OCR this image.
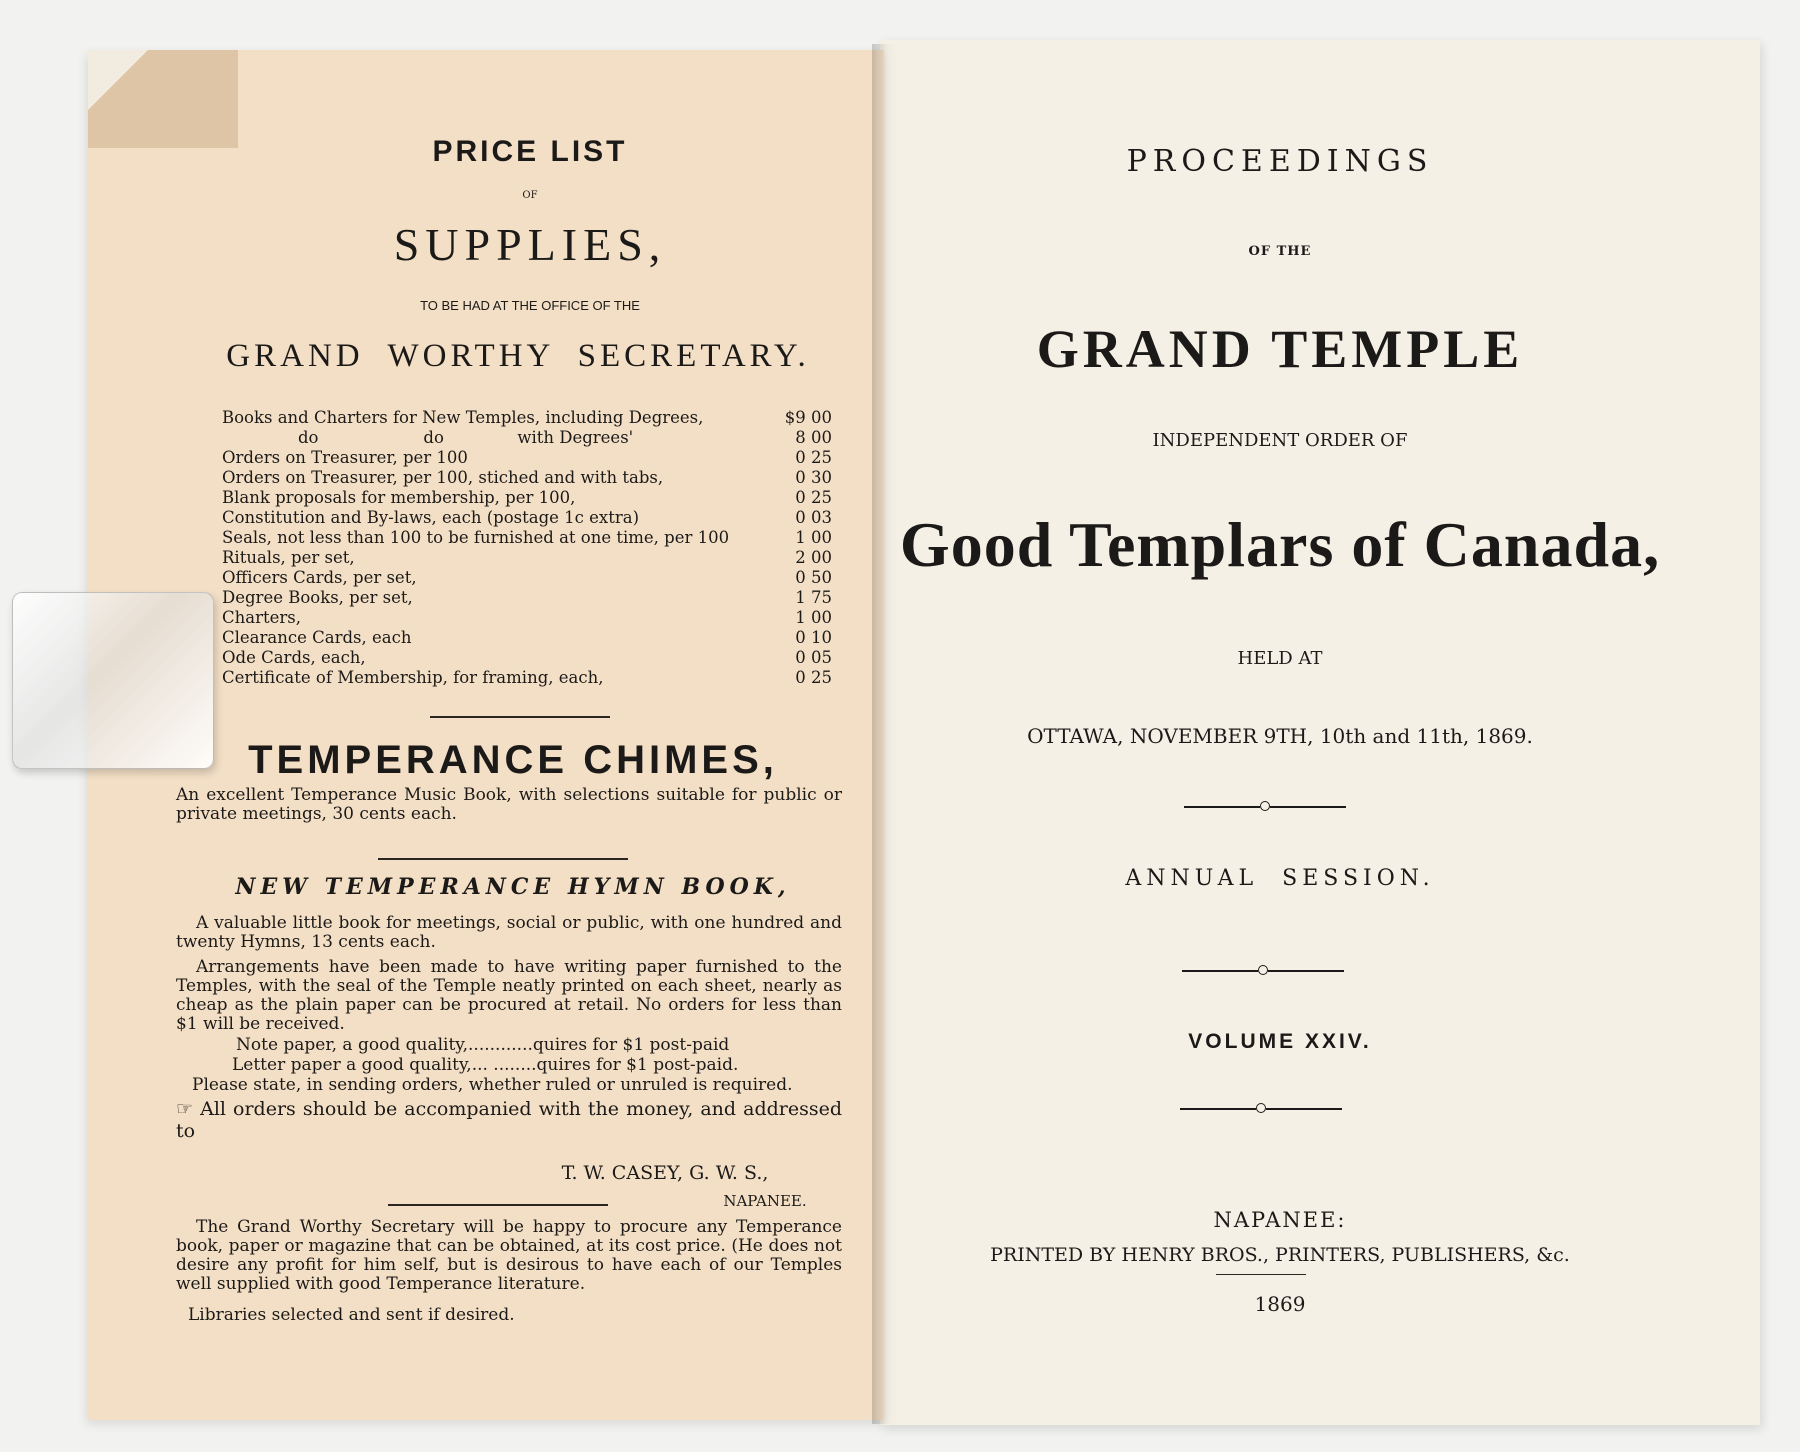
PRICE LIST
OF
SUPPLIES,
TO BE HAD AT THE OFFICE OF THE
GRAND  WORTHY  SECRETARY.
Books and Charters for New Temples, including Degrees,	$9 00
do                    do              with Degrees'	8 00
Orders on Treasurer, per 100	0 25
Orders on Treasurer, per 100, stiched and with tabs,	0 30
Blank proposals for membership, per 100,	0 25
Constitution and By-laws, each (postage 1c extra)	0 03
Seals, not less than 100 to be furnished at one time, per 100	1 00
Rituals, per set,	2 00
Officers Cards, per set,	0 50
Degree Books, per set,	1 75
Charters,	1 00
Clearance Cards, each	0 10
Ode Cards, each,	0 05
Certificate of Membership, for framing, each,	0 25
TEMPERANCE CHIMES,
An excellent Temperance Music Book, with selections suitable for public or private meetings, 30 cents each.
NEW TEMPERANCE HYMN BOOK,
A valuable little book for meetings, social or public, with one hundred and twenty Hymns, 13 cents each.
Arrangements have been made to have writing paper furnished to the Temples, with the seal of the Temple neatly printed on each sheet, nearly as cheap as the plain paper can be procured at retail. No orders for less than $1 will be received.
Note paper, a good quality,............quires for $1 post-paid
Letter paper a good quality,... ........quires for $1 post-paid.
Please state, in sending orders, whether ruled or unruled is required.
☞ All orders should be accompanied with the money, and addressed to
T. W. CASEY, G. W. S.,
NAPANEE.
The Grand Worthy Secretary will be happy to procure any Temperance book, paper or magazine that can be obtained, at its cost price. (He does not desire any profit for him self, but is desirous to have each of our Temples well supplied with good Temperance literature.
Libraries selected and sent if desired.
PROCEEDINGS
OF THE
GRAND TEMPLE
INDEPENDENT ORDER OF
Good Templars of Canada,
HELD AT
OTTAWA, NOVEMBER 9TH, 10th and 11th, 1869.
ANNUAL  SESSION.
VOLUME XXIV.
NAPANEE:
PRINTED BY HENRY BROS., PRINTERS, PUBLISHERS, &c.
1869
